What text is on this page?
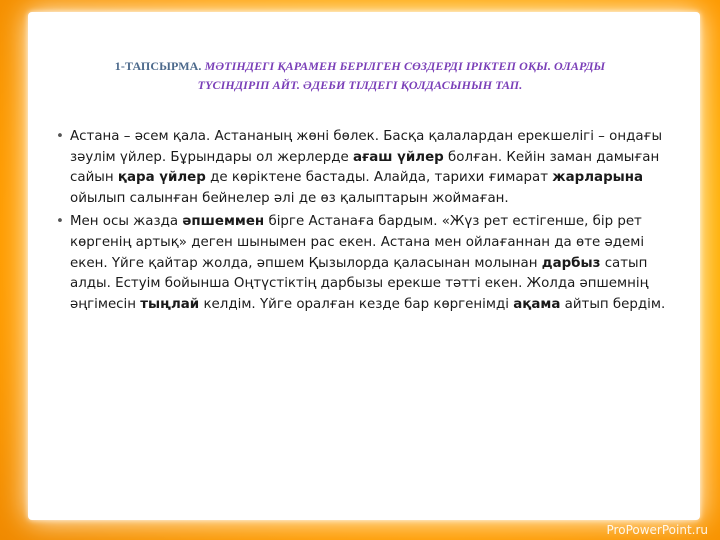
1-ТАПСЫРМА. МӘТІНДЕГІ ҚАРАМЕН БЕРІЛГЕН СӨЗДЕРДІ ІРІКТЕП ОҚЫ. ОЛАРДЫ
ТҮСІНДІРІП АЙТ. ӘДЕБИ ТІЛДЕГІ ҚОЛДАСЫНЫН ТАП.
• Астана – әсем қала. Астананың жөні бөлек. Басқа қалалардан ерекшелігі – ондағы зәулім үйлер. Бұрындары ол жерлерде ағаш үйлер болған. Кейін заман дамыған сайын қара үйлер де көріктене бастады. Алайда, тарихи ғимарат жарларына ойылып салынған бейнелер әлі де өз қалыптарын жоймаған.
• Мен осы жазда әпшеммен бірге Астанаға бардым. «Жүз рет естігенше, бір рет көргенің артық» деген шынымен рас екен. Астана мен ойлағаннан да өте әдемі екен. Үйге қайтар жолда, әпшем Қызылорда қаласынан молынан дарбыз сатып алды. Естуім бойынша Оңтүстіктің дарбызы ерекше тәтті екен. Жолда әпшемнің әңгімесін тыңлай келдім. Үйге оралған кезде бар көргенімді ақама айтып бердім.
ProPowerPoint.ru
